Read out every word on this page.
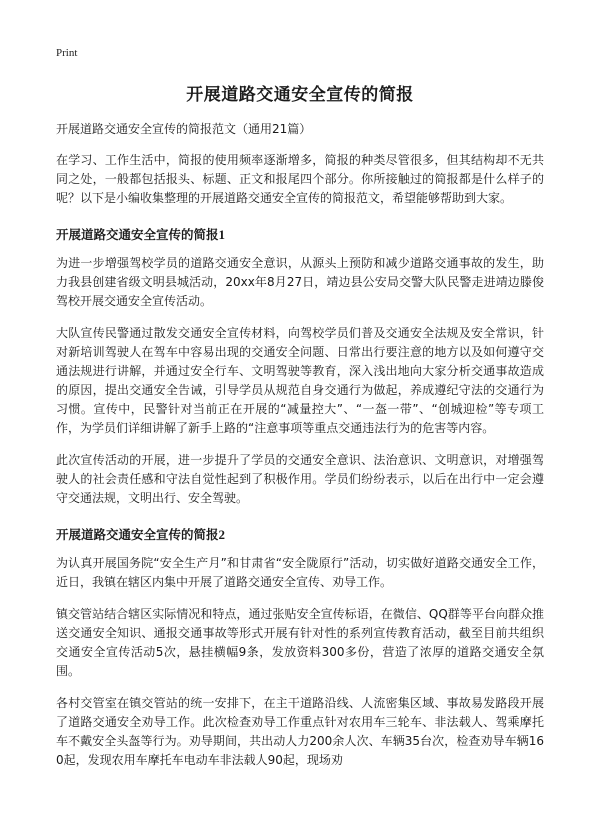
Print
开展道路交通安全宣传的简报

开展道路交通安全宣传的简报范文（通用21篇）

在学习、工作生活中，简报的使用频率逐渐增多，简报的种类尽管很多，但其结构却不无共同之处，一般都包括报头、标题、正文和报尾四个部分。你所接触过的简报都是什么样子的呢？以下是小编收集整理的开展道路交通安全宣传的简报范文，希望能够帮助到大家。

开展道路交通安全宣传的简报1

为进一步增强驾校学员的道路交通安全意识，从源头上预防和减少道路交通事故的发生，助力我县创建省级文明县城活动，20xx年8月27日，靖边县公安局交警大队民警走进靖边滕俊驾校开展交通安全宣传活动。

大队宣传民警通过散发交通安全宣传材料，向驾校学员们普及交通安全法规及安全常识，针对新培训驾驶人在驾车中容易出现的交通安全问题、日常出行要注意的地方以及如何遵守交通法规进行讲解，并通过安全行车、文明驾驶等教育，深入浅出地向大家分析交通事故造成的原因，提出交通安全告诫，引导学员从规范自身交通行为做起，养成遵纪守法的交通行为习惯。宣传中，民警针对当前正在开展的“减量控大”、“一盔一带”、“创城迎检”等专项工作，为学员们详细讲解了新手上路的“注意事项等重点交通违法行为的危害等内容。

此次宣传活动的开展，进一步提升了学员的交通安全意识、法治意识、文明意识，对增强驾驶人的社会责任感和守法自觉性起到了积极作用。学员们纷纷表示，以后在出行中一定会遵守交通法规，文明出行、安全驾驶。

开展道路交通安全宣传的简报2

为认真开展国务院“安全生产月”和甘肃省“安全陇原行”活动，切实做好道路交通安全工作，近日，我镇在辖区内集中开展了道路交通安全宣传、劝导工作。

镇交管站结合辖区实际情况和特点，通过张贴安全宣传标语，在微信、QQ群等平台向群众推送交通安全知识、通报交通事故等形式开展有针对性的系列宣传教育活动，截至目前共组织交通安全宣传活动5次，悬挂横幅9条，发放资料300多份，营造了浓厚的道路交通安全氛围。

各村交管室在镇交管站的统一安排下，在主干道路沿线、人流密集区域、事故易发路段开展了道路交通安全劝导工作。此次检查劝导工作重点针对农用车三轮车、非法载人、驾乘摩托车不戴安全头盔等行为。劝导期间，共出动人力200余人次、车辆35台次，检查劝导车辆160起，发现农用车摩托车电动车非法载人90起，现场劝
